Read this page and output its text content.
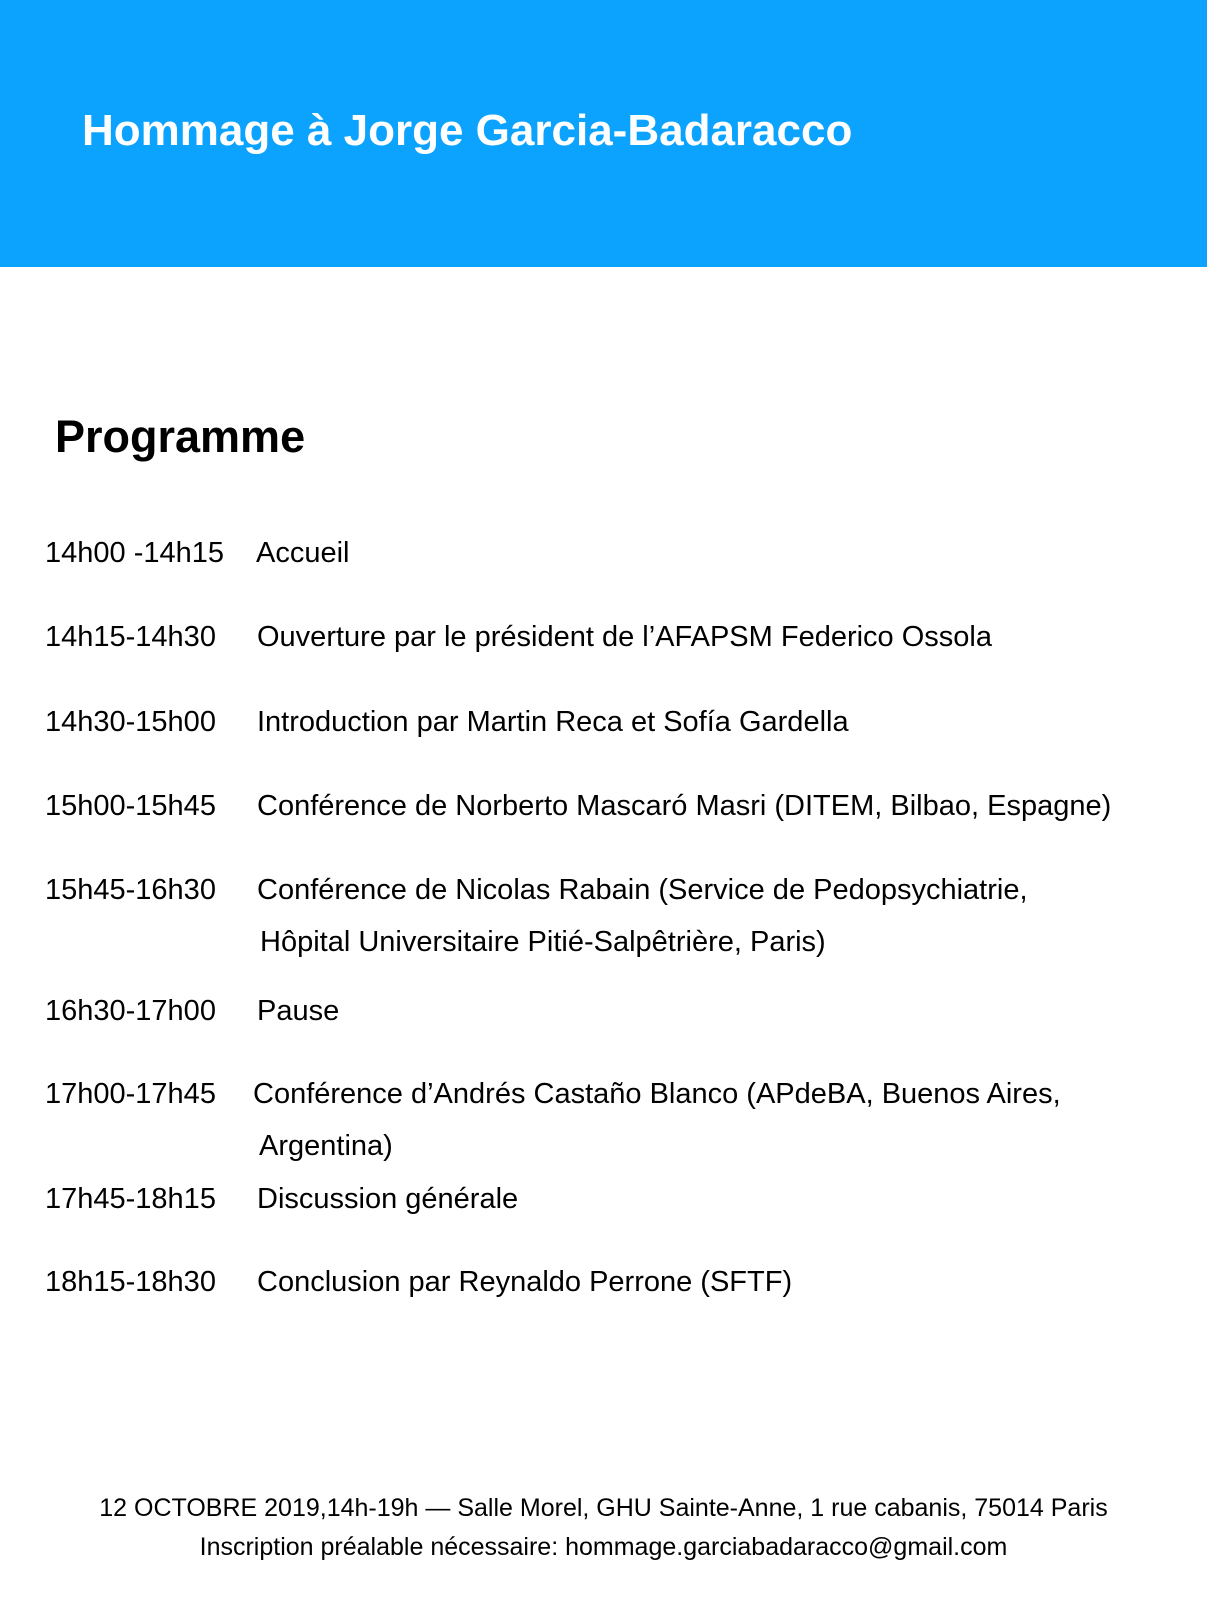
Hommage à Jorge Garcia-Badaracco
Programme
14h00 -14h15 Accueil
14h15-14h30 Ouverture par le président de l’AFAPSM Federico Ossola
14h30-15h00 Introduction par Martin Reca et Sofía Gardella
15h00-15h45 Conférence de Norberto Mascaró Masri (DITEM, Bilbao, Espagne)
15h45-16h30 Conférence de Nicolas Rabain (Service de Pedopsychiatrie,
Hôpital Universitaire Pitié-Salpêtrière, Paris)
16h30-17h00 Pause
17h00-17h45 Conférence d’Andrés Castaño Blanco (APdeBA, Buenos Aires,
Argentina)
17h45-18h15 Discussion générale
18h15-18h30 Conclusion par Reynaldo Perrone (SFTF)
12 OCTOBRE 2019,14h-19h — Salle Morel, GHU Sainte-Anne, 1 rue cabanis, 75014 Paris
Inscription préalable nécessaire: hommage.garciabadaracco@gmail.com
